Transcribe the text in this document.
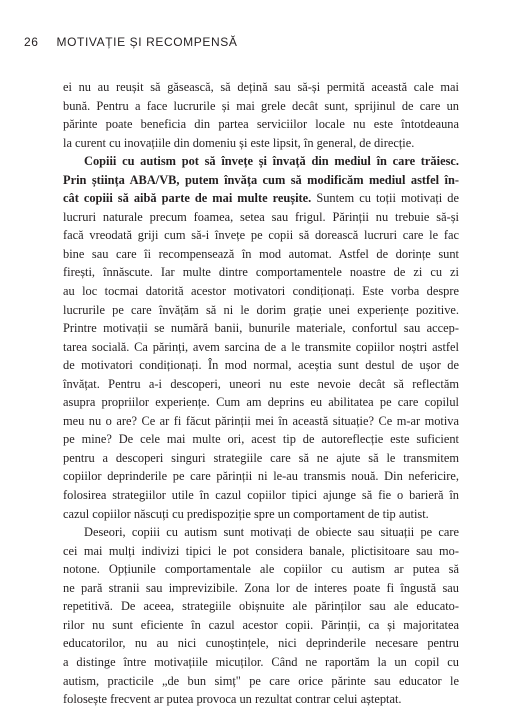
26 MOTIVAȚIE ȘI RECOMPENSĂ
ei nu au reușit să găsească, să dețină sau să-și permită această cale mai
bună. Pentru a face lucrurile și mai grele decât sunt, sprijinul de care un
părinte poate beneficia din partea serviciilor locale nu este întotdeauna
la curent cu inovațiile din domeniu și este lipsit, în general, de direcție.
Copiii cu autism pot să învețe și învață din mediul în care trăiesc.
Prin știința ABA/VB, putem învăța cum să modificăm mediul astfel în-
cât copiii să aibă parte de mai multe reușite. Suntem cu toții motivați de
lucruri naturale precum foamea, setea sau frigul. Părinții nu trebuie să-și
facă vreodată griji cum să-i învețe pe copii să dorească lucruri care le fac
bine sau care îi recompensează în mod automat. Astfel de dorințe sunt
firești, înnăscute. Iar multe dintre comportamentele noastre de zi cu zi
au loc tocmai datorită acestor motivatori condiționați. Este vorba despre
lucrurile pe care învățăm să ni le dorim grație unei experiențe pozitive.
Printre motivații se numără banii, bunurile materiale, confortul sau accep-
tarea socială. Ca părinți, avem sarcina de a le transmite copiilor noștri astfel
de motivatori condiționați. În mod normal, aceștia sunt destul de ușor de
învățat. Pentru a-i descoperi, uneori nu este nevoie decât să reflectăm
asupra propriilor experiențe. Cum am deprins eu abilitatea pe care copilul
meu nu o are? Ce ar fi făcut părinții mei în această situație? Ce m-ar motiva
pe mine? De cele mai multe ori, acest tip de autoreflecție este suficient
pentru a descoperi singuri strategiile care să ne ajute să le transmitem
copiilor deprinderile pe care părinții ni le-au transmis nouă. Din nefericire,
folosirea strategiilor utile în cazul copiilor tipici ajunge să fie o barieră în
cazul copiilor născuți cu predispoziție spre un comportament de tip autist.
Deseori, copiii cu autism sunt motivați de obiecte sau situații pe care
cei mai mulți indivizi tipici le pot considera banale, plictisitoare sau mo-
notone. Opțiunile comportamentale ale copiilor cu autism ar putea să
ne pară stranii sau imprevizibile. Zona lor de interes poate fi îngustă sau
repetitivă. De aceea, strategiile obișnuite ale părinților sau ale educato-
rilor nu sunt eficiente în cazul acestor copii. Părinții, ca și majoritatea
educatorilor, nu au nici cunoștințele, nici deprinderile necesare pentru
a distinge între motivațiile micuților. Când ne raportăm la un copil cu
autism, practicile „de bun simț" pe care orice părinte sau educator le
folosește frecvent ar putea provoca un rezultat contrar celui așteptat.
